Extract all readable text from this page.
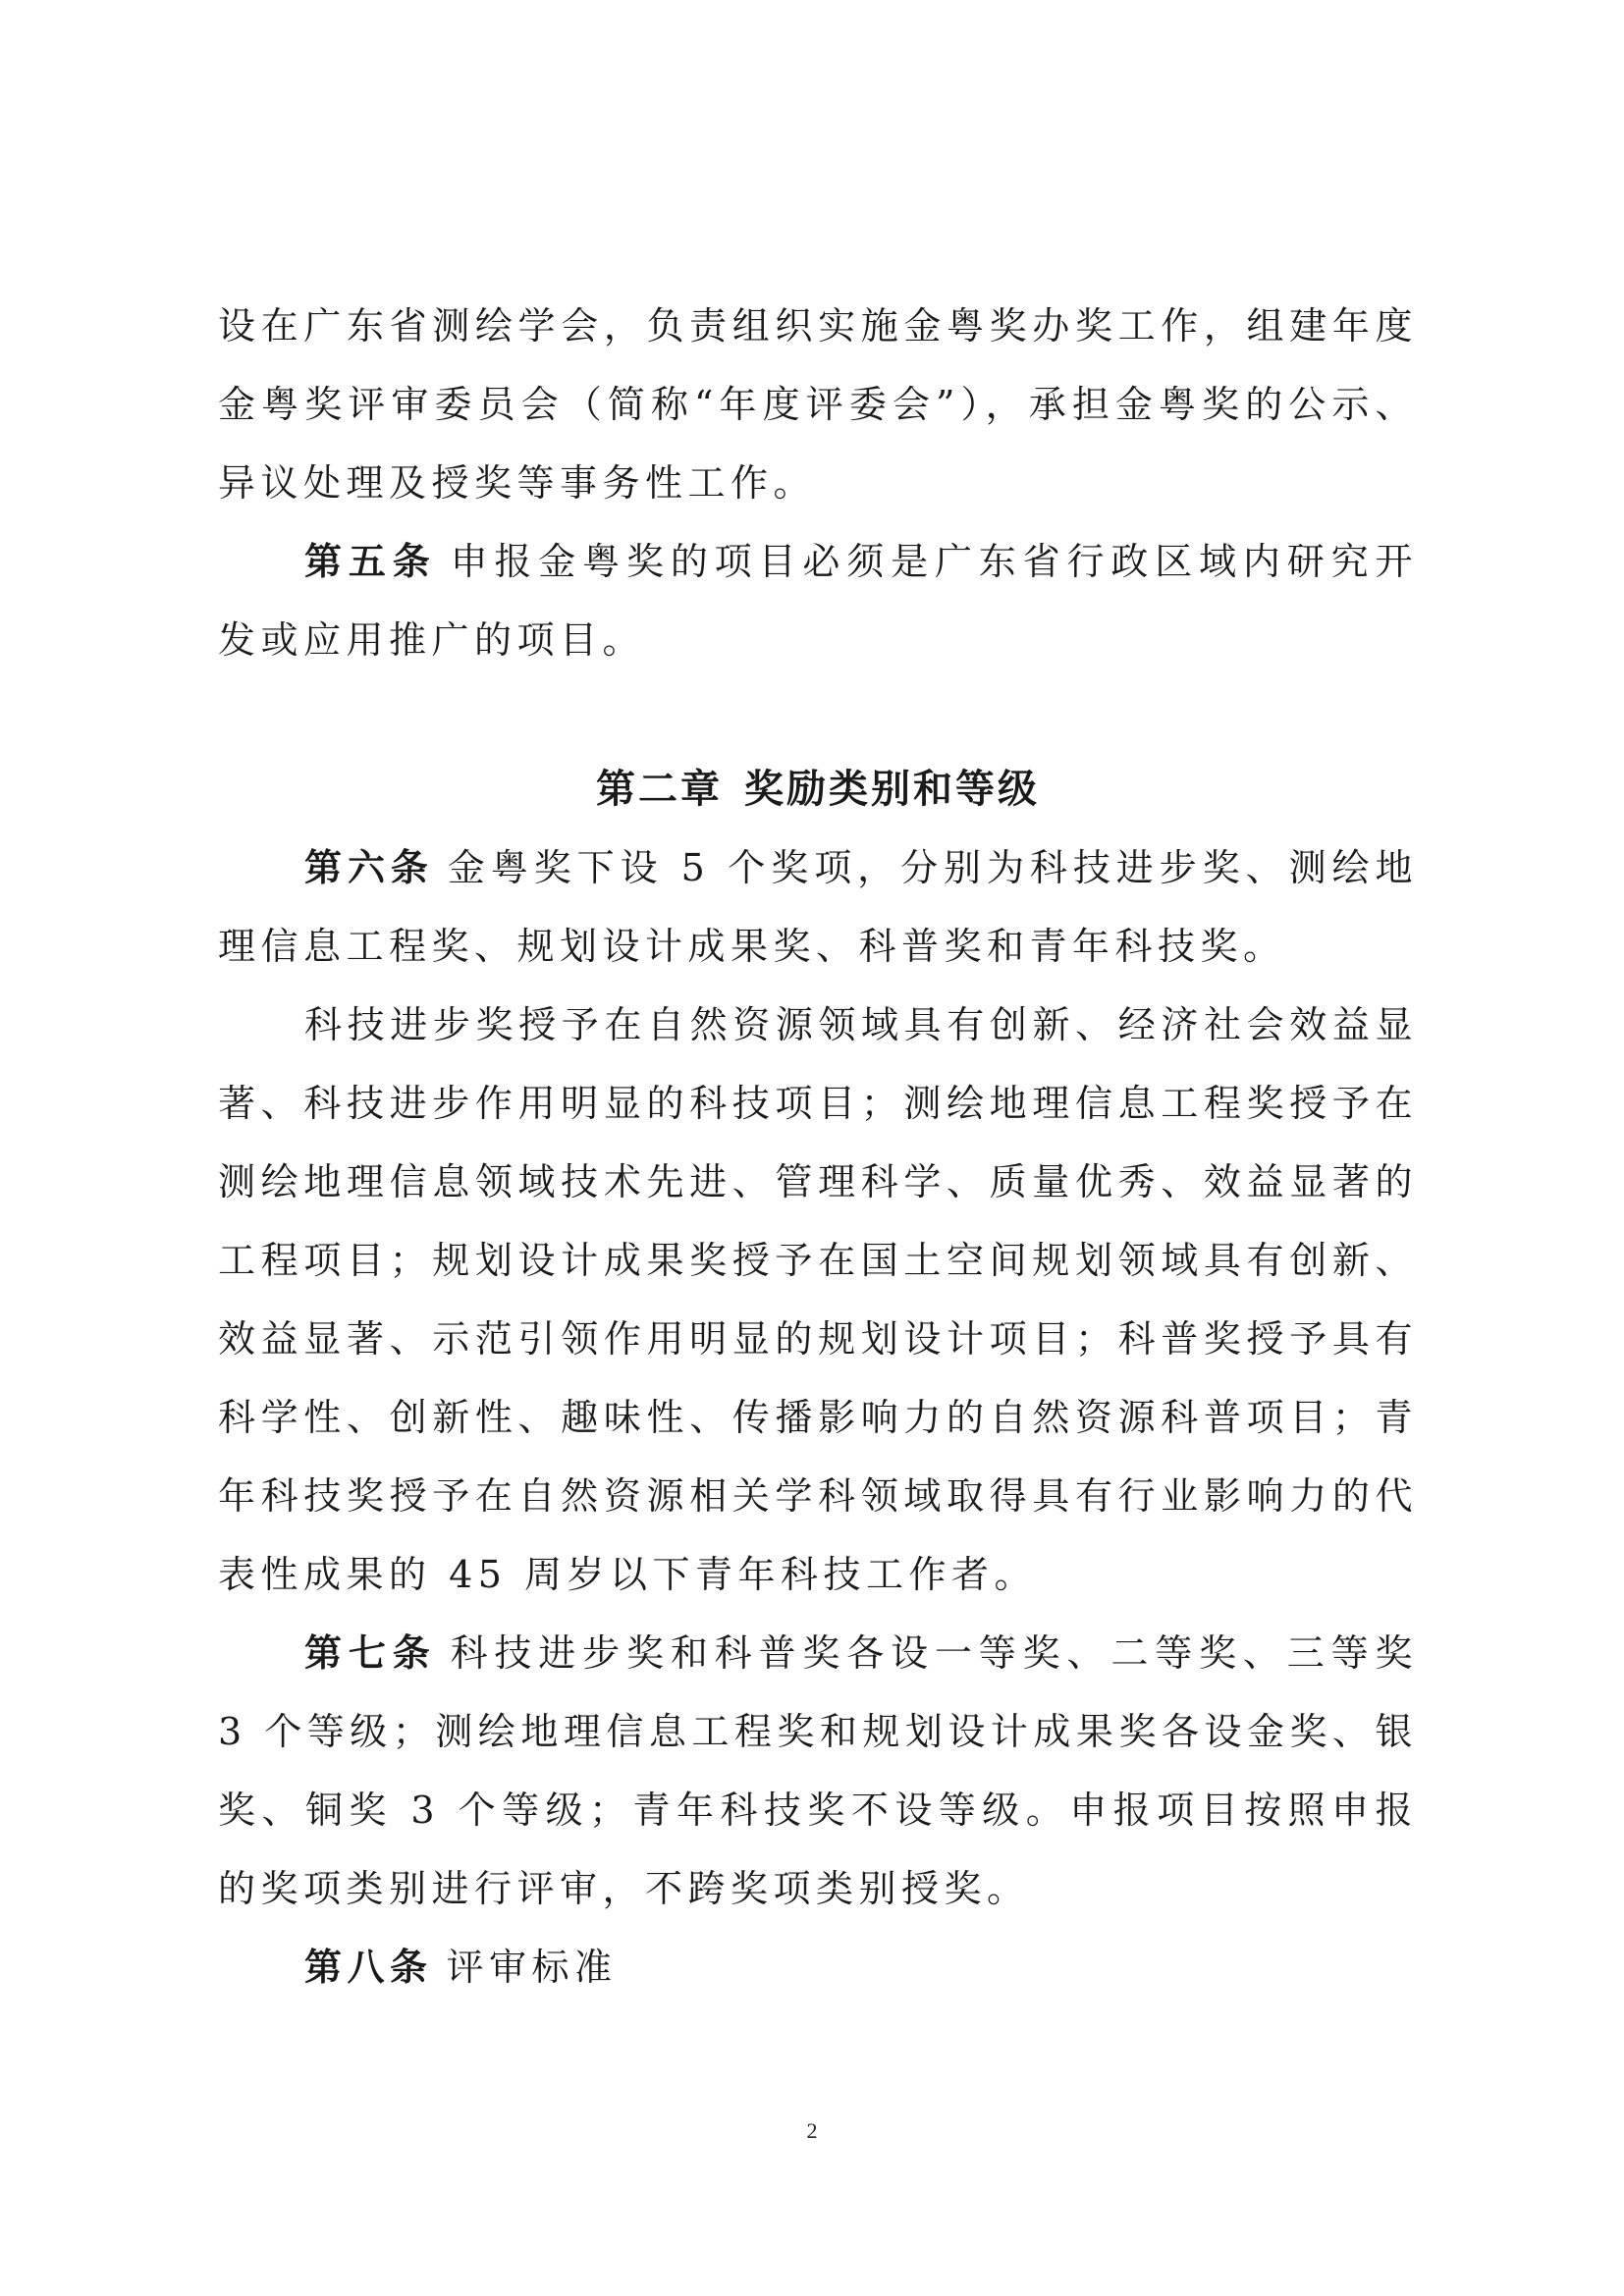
设在广东省测绘学会，负责组织实施金粤奖办奖工作，组建年度金粤奖评审委员会（简称“年度评委会”），承担金粤奖的公示、异议处理及授奖等事务性工作。

第五条 申报金粤奖的项目必须是广东省行政区域内研究开发或应用推广的项目。

第二章 奖励类别和等级

第六条 金粤奖下设 5 个奖项，分别为科技进步奖、测绘地理信息工程奖、规划设计成果奖、科普奖和青年科技奖。

科技进步奖授予在自然资源领域具有创新、经济社会效益显著、科技进步作用明显的科技项目；测绘地理信息工程奖授予在测绘地理信息领域技术先进、管理科学、质量优秀、效益显著的工程项目；规划设计成果奖授予在国土空间规划领域具有创新、效益显著、示范引领作用明显的规划设计项目；科普奖授予具有科学性、创新性、趣味性、传播影响力的自然资源科普项目；青年科技奖授予在自然资源相关学科领域取得具有行业影响力的代表性成果的 45 周岁以下青年科技工作者。

第七条 科技进步奖和科普奖各设一等奖、二等奖、三等奖 3 个等级；测绘地理信息工程奖和规划设计成果奖各设金奖、银奖、铜奖 3 个等级；青年科技奖不设等级。申报项目按照申报的奖项类别进行评审，不跨奖项类别授奖。

第八条 评审标准

2
